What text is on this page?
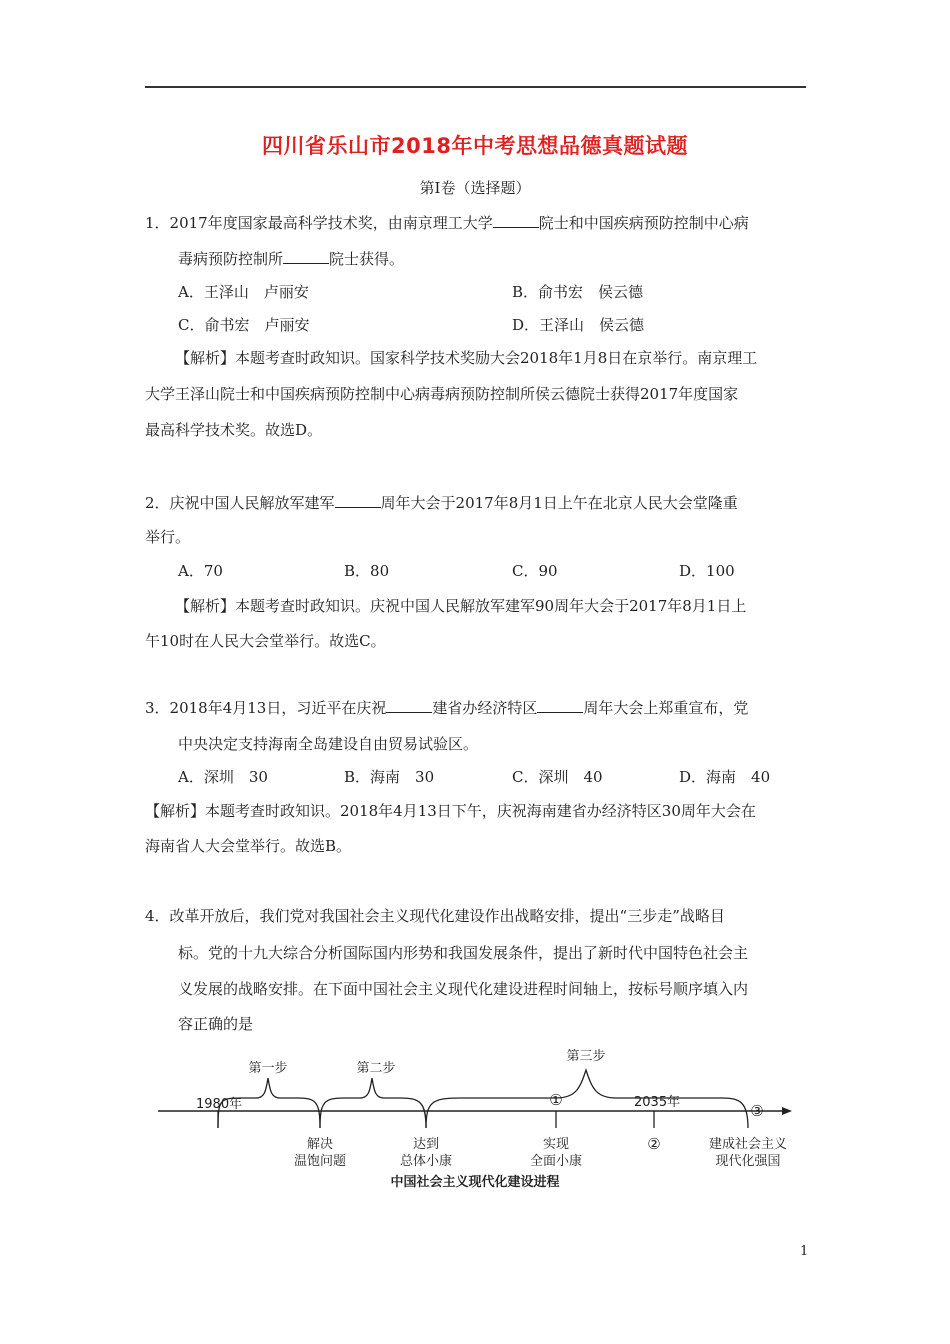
四川省乐山市2018年中考思想品德真题试题
第Ⅰ卷（选择题）
1．2017年度国家最高科学技术奖，由南京理工大学	院士和中国疾病预防控制中心病
毒病预防控制所	院士获得。
A．王泽山　卢丽安	B．俞书宏　侯云德
C．俞书宏　卢丽安	D．王泽山　侯云德
【解析】本题考查时政知识。国家科学技术奖励大会2018年1月8日在京举行。南京理工
大学王泽山院士和中国疾病预防控制中心病毒病预防控制所侯云德院士获得2017年度国家
最高科学技术奖。故选D。
2．庆祝中国人民解放军建军	周年大会于2017年8月1日上午在北京人民大会堂隆重
举行。
A．70	B．80	C．90	D．100
【解析】本题考查时政知识。庆祝中国人民解放军建军90周年大会于2017年8月1日上
午10时在人民大会堂举行。故选C。
3．2018年4月13日，习近平在庆祝	建省办经济特区	周年大会上郑重宣布，党
中央决定支持海南全岛建设自由贸易试验区。
A．深圳　30	B．海南　30	C．深圳　40	D．海南　40
【解析】本题考查时政知识。2018年4月13日下午，庆祝海南建省办经济特区30周年大会在
海南省人大会堂举行。故选B。
4．改革开放后，我们党对我国社会主义现代化建设作出战略安排，提出“三步走”战略目
标。党的十九大综合分析国际国内形势和我国发展条件，提出了新时代中国特色社会主
义发展的战略安排。在下面中国社会主义现代化建设进程时间轴上，按标号顺序填入内
容正确的是
第一步	第二步
第三步
1980年	2035年
①
②
③
解决
温饱问题
达到
总体小康
实现
全面小康
建成社会主义
现代化强国
中国社会主义现代化建设进程
1
